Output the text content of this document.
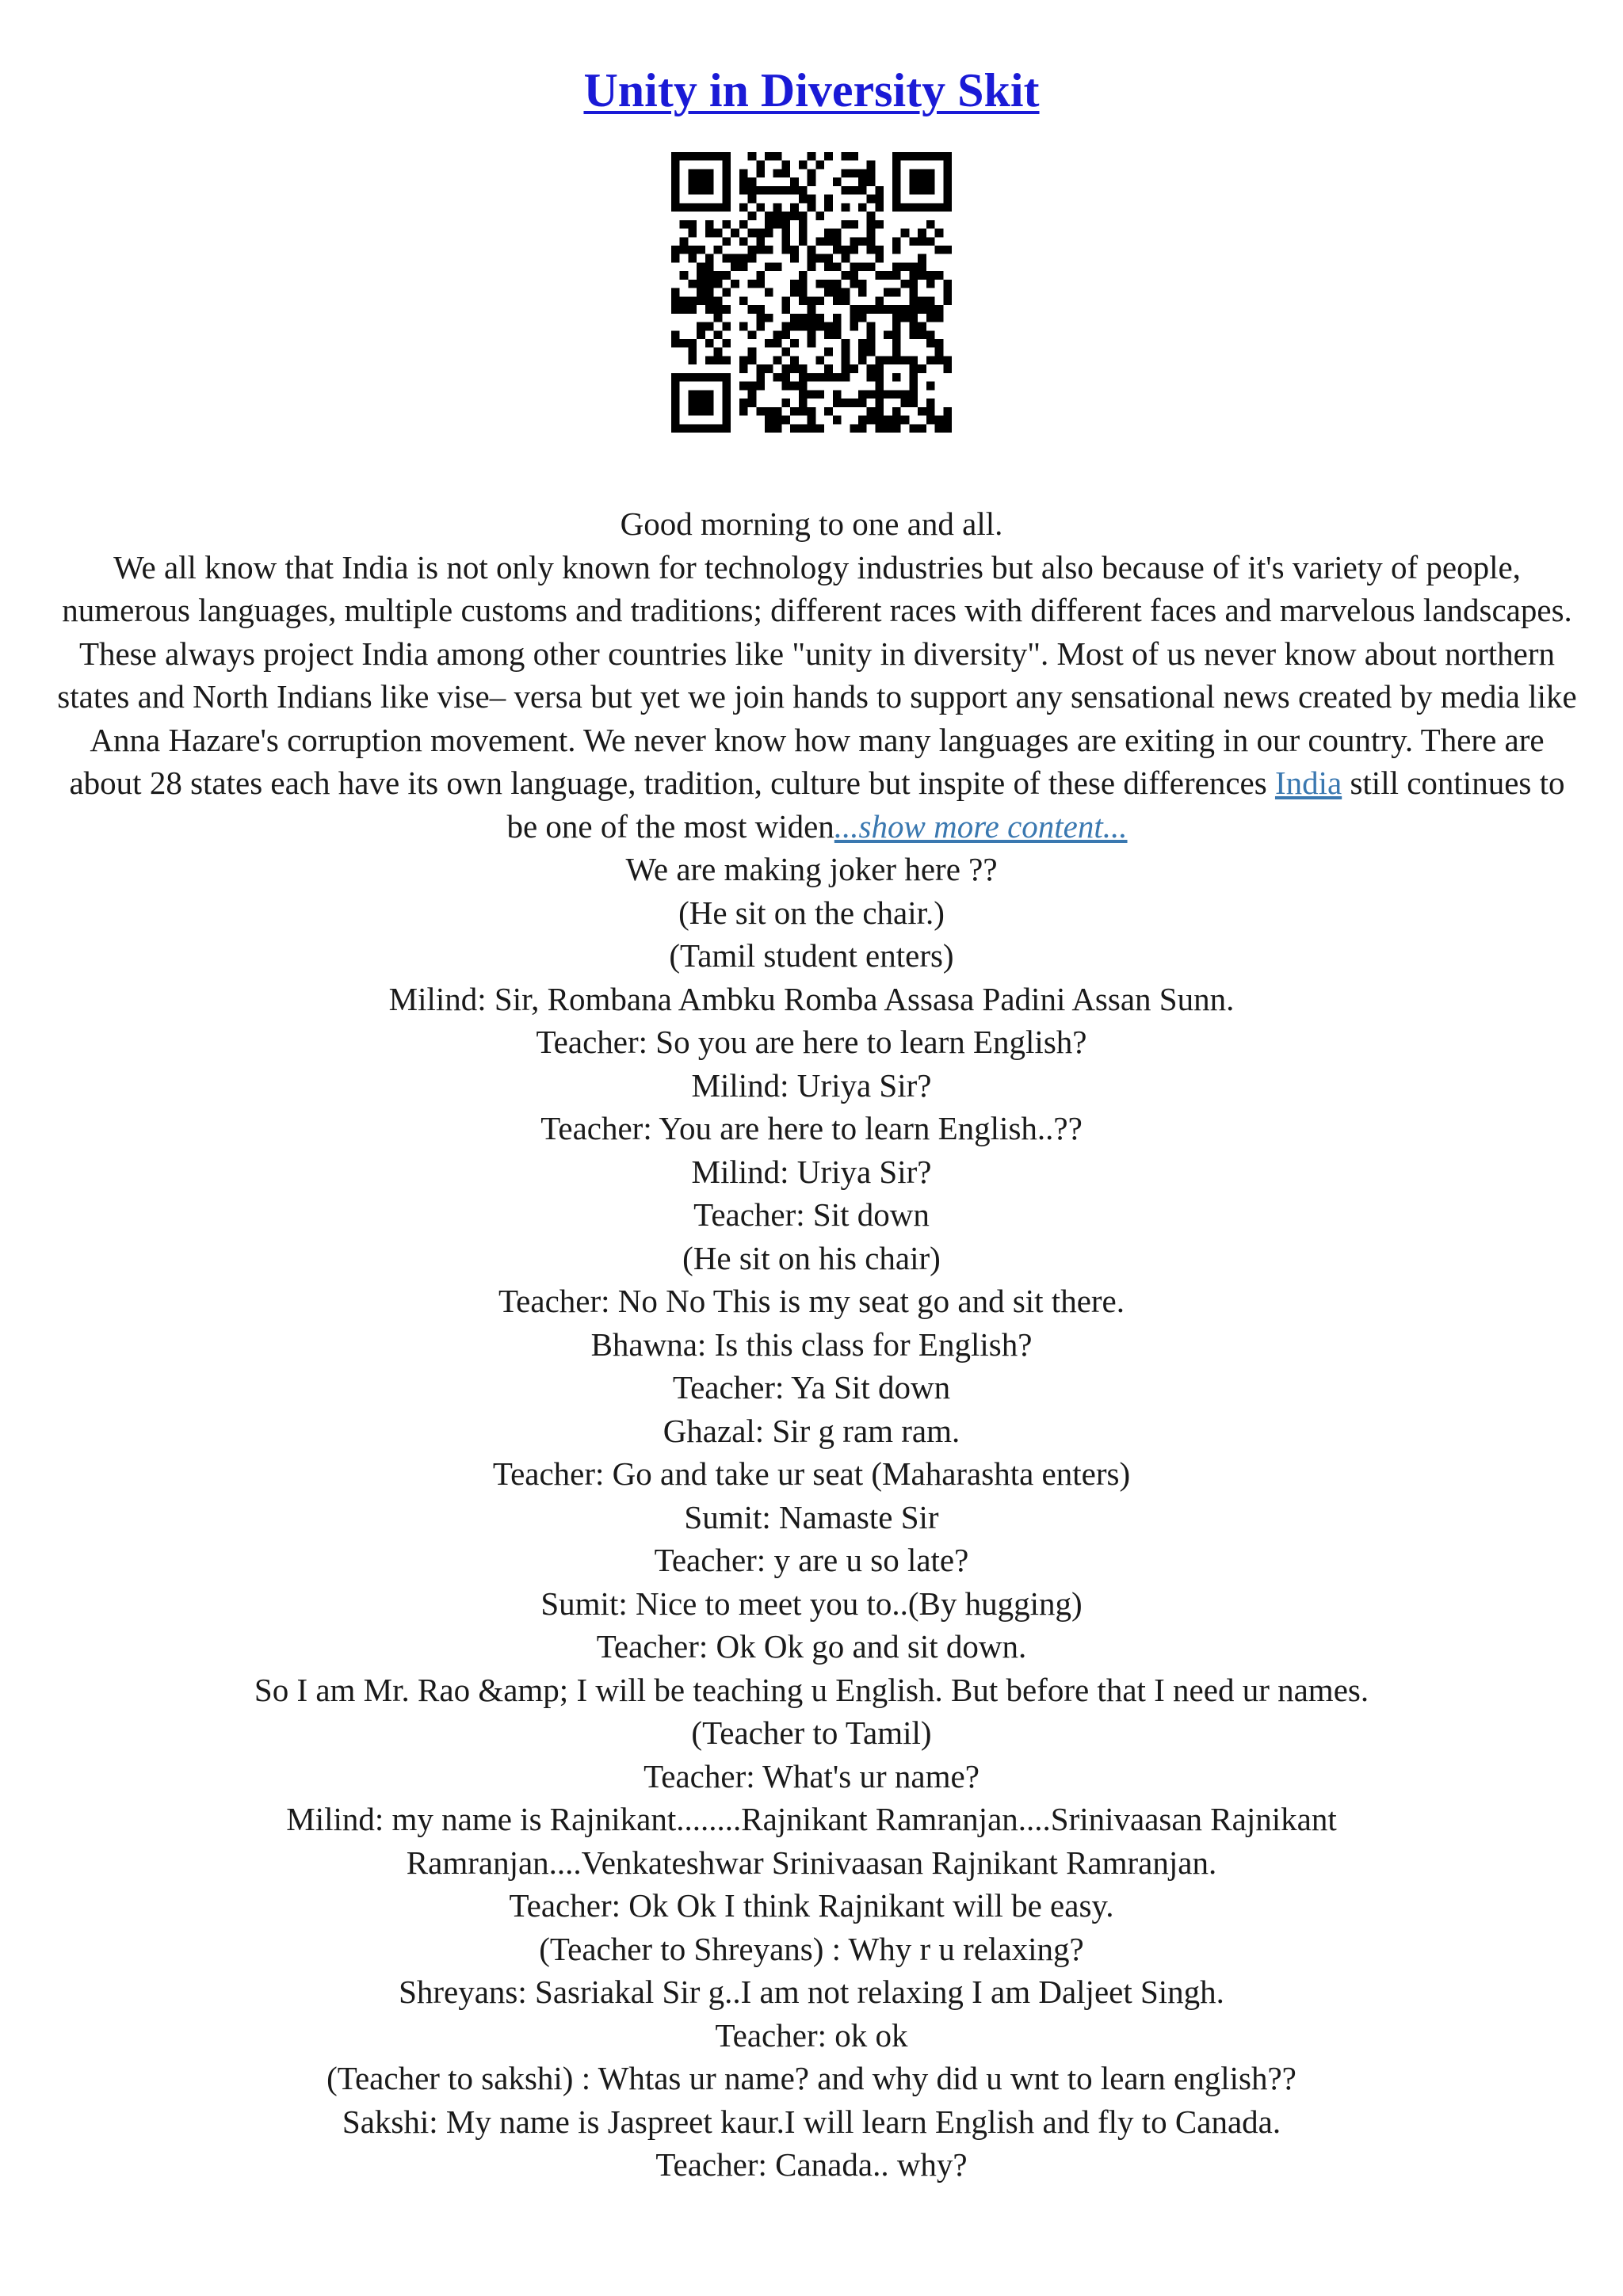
Unity in Diversity Skit

Good morning to one and all.

We all know that India is not only known for technology industries but also because of it's variety of people, numerous languages, multiple customs and traditions; different races with different faces and marvelous landscapes. These always project India among other countries like "unity in diversity". Most of us never know about northern states and North Indians like vise– versa but yet we join hands to support any sensational news created by media like Anna Hazare's corruption movement. We never know how many languages are exiting in our country. There are about 28 states each have its own language, tradition, culture but inspite of these differences India still continues to be one of the most widen...show more content...

We are making joker here ??

(He sit on the chair.)

(Tamil student enters)

Milind: Sir, Rombana Ambku Romba Assasa Padini Assan Sunn.

Teacher: So you are here to learn English?

Milind: Uriya Sir?

Teacher: You are here to learn English..??

Milind: Uriya Sir?

Teacher: Sit down

(He sit on his chair)

Teacher: No No This is my seat go and sit there.

Bhawna: Is this class for English?

Teacher: Ya Sit down

Ghazal: Sir g ram ram.

Teacher: Go and take ur seat (Maharashta enters)

Sumit: Namaste Sir

Teacher: y are u so late?

Sumit: Nice to meet you to..(By hugging)

Teacher: Ok Ok go and sit down.

So I am Mr. Rao &amp; I will be teaching u English. But before that I need ur names.

(Teacher to Tamil)

Teacher: What's ur name?

Milind: my name is Rajnikant........Rajnikant Ramranjan....Srinivaasan Rajnikant Ramranjan....Venkateshwar Srinivaasan Rajnikant Ramranjan.

Teacher: Ok Ok I think Rajnikant will be easy.

(Teacher to Shreyans) : Why r u relaxing?

Shreyans: Sasriakal Sir g..I am not relaxing I am Daljeet Singh.

Teacher: ok ok

(Teacher to sakshi) : Whtas ur name? and why did u wnt to learn english??

Sakshi: My name is Jaspreet kaur.I will learn English and fly to Canada.

Teacher: Canada.. why?
